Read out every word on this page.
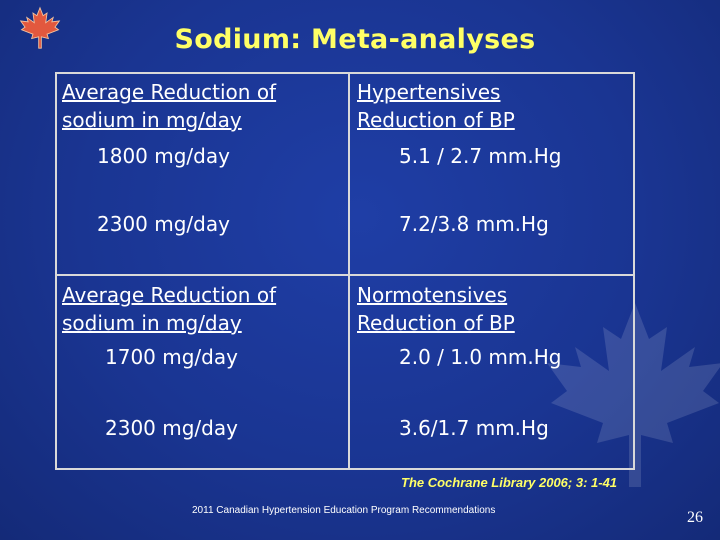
Sodium: Meta-analyses
Average Reduction of
sodium in mg/day
1800 mg/day
2300 mg/day
Hypertensives
Reduction of BP
5.1 / 2.7 mm.Hg
7.2/3.8 mm.Hg
Average Reduction of
sodium in mg/day
1700 mg/day
2300 mg/day
Normotensives
Reduction of BP
2.0 / 1.0 mm.Hg
3.6/1.7 mm.Hg
The Cochrane Library 2006; 3: 1-41
2011 Canadian Hypertension Education Program Recommendations	26
